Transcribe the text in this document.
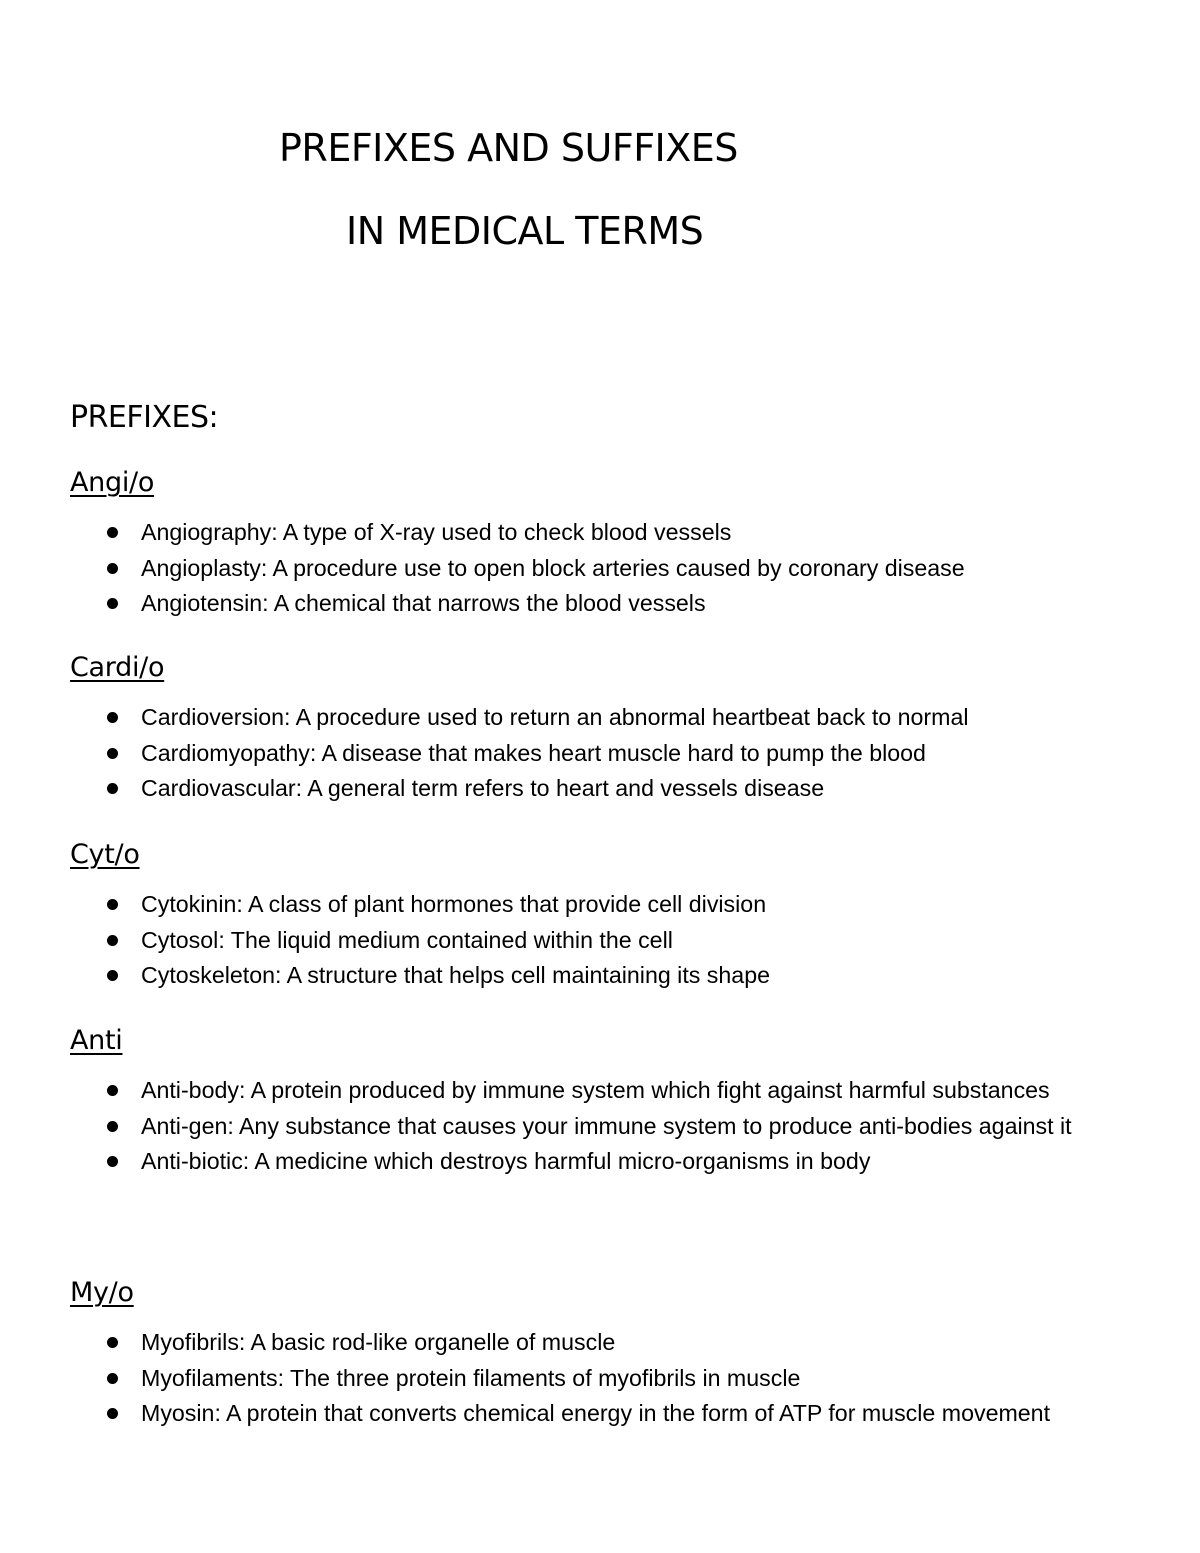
PREFIXES AND SUFFIXES
IN MEDICAL TERMS
PREFIXES:
Angi/o
Angiography: A type of X-ray used to check blood vessels
Angioplasty: A procedure use to open block arteries caused by coronary disease
Angiotensin: A chemical that narrows the blood vessels
Cardi/o
Cardioversion: A procedure used to return an abnormal heartbeat back to normal
Cardiomyopathy: A disease that makes heart muscle hard to pump the blood
Cardiovascular: A general term refers to heart and vessels disease
Cyt/o
Cytokinin: A class of plant hormones that provide cell division
Cytosol: The liquid medium contained within the cell
Cytoskeleton: A structure that helps cell maintaining its shape
Anti
Anti-body: A protein produced by immune system which fight against harmful substances
Anti-gen: Any substance that causes your immune system to produce anti-bodies against it
Anti-biotic: A medicine which destroys harmful micro-organisms in body
My/o
Myofibrils: A basic rod-like organelle of muscle
Myofilaments: The three protein filaments of myofibrils in muscle
Myosin: A protein that converts chemical energy in the form of ATP for muscle movement
